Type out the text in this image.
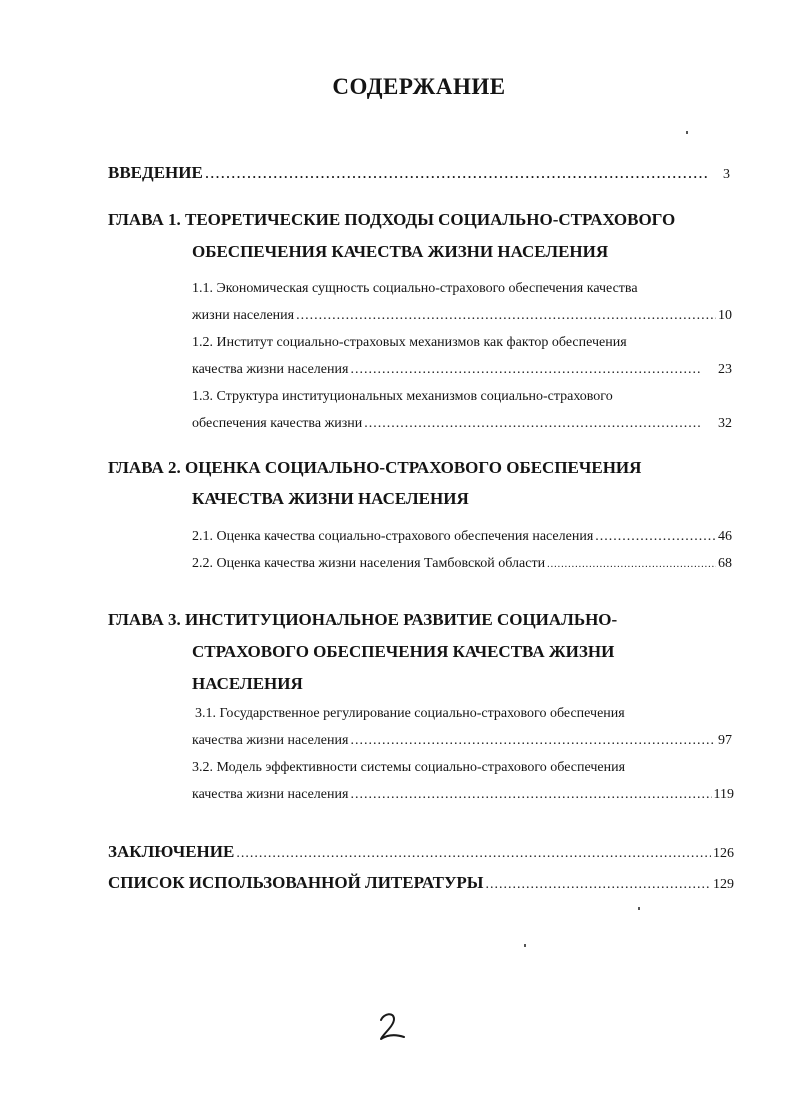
СОДЕРЖАНИЕ
ВВЕДЕНИЕ .....	3
ГЛАВА 1. ТЕОРЕТИЧЕСКИЕ ПОДХОДЫ СОЦИАЛЬНО-СТРАХОВОГО
ОБЕСПЕЧЕНИЯ КАЧЕСТВА ЖИЗНИ НАСЕЛЕНИЯ
1.1. Экономическая сущность социально-страхового обеспечения качества
жизни населения .....	10
1.2. Институт социально-страховых механизмов как фактор обеспечения
качества жизни населения .....	23
1.3. Структура институциональных механизмов социально-страхового
обеспечения качества жизни .....	32
ГЛАВА 2. ОЦЕНКА СОЦИАЛЬНО-СТРАХОВОГО ОБЕСПЕЧЕНИЯ
КАЧЕСТВА ЖИЗНИ НАСЕЛЕНИЯ
2.1. Оценка качества социально-страхового обеспечения населения .....	46
2.2. Оценка качества жизни населения Тамбовской области .....	68
ГЛАВА 3. ИНСТИТУЦИОНАЛЬНОЕ РАЗВИТИЕ СОЦИАЛЬНО-
СТРАХОВОГО ОБЕСПЕЧЕНИЯ КАЧЕСТВА ЖИЗНИ
НАСЕЛЕНИЯ
3.1. Государственное регулирование социально-страхового обеспечения
качества жизни населения .....	97
3.2. Модель эффективности системы социально-страхового обеспечения
качества жизни населения .....	119
ЗАКЛЮЧЕНИЕ .....	126
СПИСОК ИСПОЛЬЗОВАННОЙ ЛИТЕРАТУРЫ .....	129
